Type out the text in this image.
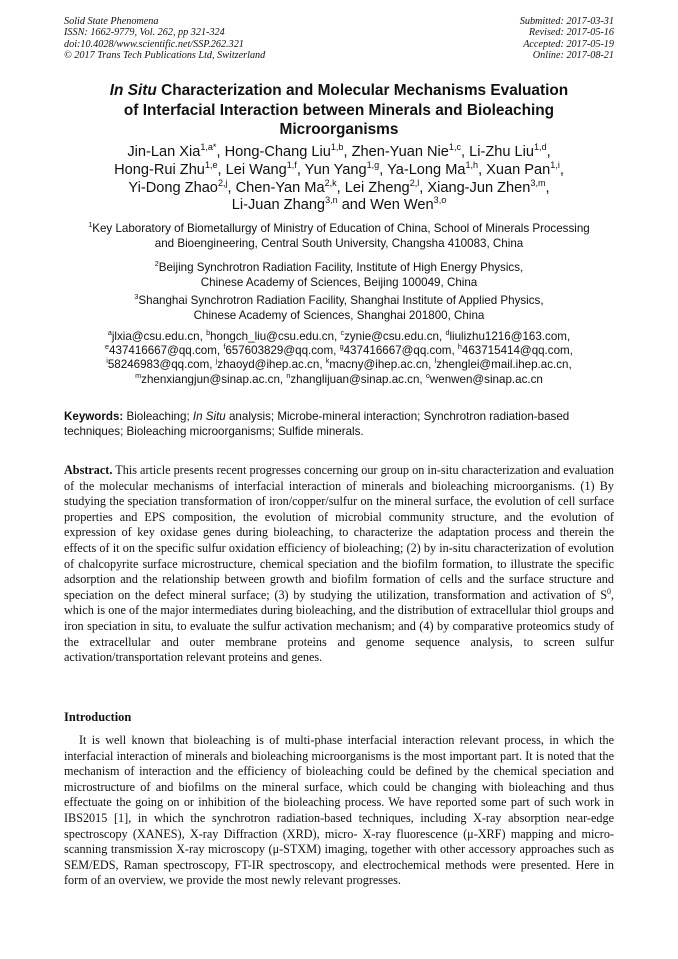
Solid State Phenomena
ISSN: 1662-9779, Vol. 262, pp 321-324
doi:10.4028/www.scientific.net/SSP.262.321
© 2017 Trans Tech Publications Ltd, Switzerland
Submitted: 2017-03-31
Revised: 2017-05-16
Accepted: 2017-05-19
Online: 2017-08-21
In Situ Characterization and Molecular Mechanisms Evaluation
of Interfacial Interaction between Minerals and Bioleaching
Microorganisms
Jin-Lan Xia$^{1,a*}$, Hong-Chang Liu$^{1,b}$, Zhen-Yuan Nie$^{1,c}$, Li-Zhu Liu$^{1,d}$,
Hong-Rui Zhu$^{1,e}$, Lei Wang$^{1,f}$, Yun Yang$^{1,g}$, Ya-Long Ma$^{1,h}$, Xuan Pan$^{1,i}$,
Yi-Dong Zhao$^{2,j}$, Chen-Yan Ma$^{2,k}$, Lei Zheng$^{2,l}$, Xiang-Jun Zhen$^{3,m}$,
Li-Juan Zhang$^{3,n}$ and Wen Wen$^{3,o}$
$^1$Key Laboratory of Biometallurgy of Ministry of Education of China, School of Minerals Processing
and Bioengineering, Central South University, Changsha 410083, China
$^2$Beijing Synchrotron Radiation Facility, Institute of High Energy Physics,
Chinese Academy of Sciences, Beijing 100049, China
$^3$Shanghai Synchrotron Radiation Facility, Shanghai Institute of Applied Physics,
Chinese Academy of Sciences, Shanghai 201800, China
$^a$jlxia@csu.edu.cn, $^b$hongch_liu@csu.edu.cn, $^c$zynie@csu.edu.cn, $^d$liulizhu1216@163.com,
$^e$437416667@qq.com, $^f$657603829@qq.com, $^g$437416667@qq.com, $^h$463715414@qq.com,
$^i$58246983@qq.com, $^j$zhaoyd@ihep.ac.cn, $^k$macny@ihep.ac.cn, $^l$zhenglei@mail.ihep.ac.cn,
$^m$zhenxiangjun@sinap.ac.cn, $^n$zhanglijuan@sinap.ac.cn, $^o$wenwen@sinap.ac.cn
Keywords: Bioleaching; In Situ analysis; Microbe-mineral interaction; Synchrotron radiation-based techniques; Bioleaching microorganisms; Sulfide minerals.
Abstract. This article presents recent progresses concerning our group on in-situ characterization and evaluation of the molecular mechanisms of interfacial interaction of minerals and bioleaching microorganisms. (1) By studying the speciation transformation of iron/copper/sulfur on the mineral surface, the evolution of cell surface properties and EPS composition, the evolution of microbial community structure, and the evolution of expression of key oxidase genes during bioleaching, to characterize the adaptation process and therein the effects of it on the specific sulfur oxidation efficiency of bioleaching; (2) by in-situ characterization of evolution of chalcopyrite surface microstructure, chemical speciation and the biofilm formation, to illustrate the specific adsorption and the relationship between growth and biofilm formation of cells and the surface structure and speciation on the defect mineral surface; (3) by studying the utilization, transformation and activation of $S^0$, which is one of the major intermediates during bioleaching, and the distribution of extracellular thiol groups and iron speciation in situ, to evaluate the sulfur activation mechanism; and (4) by comparative proteomics study of the extracellular and outer membrane proteins and genome sequence analysis, to screen sulfur activation/transportation relevant proteins and genes.
Introduction
It is well known that bioleaching is of multi-phase interfacial interaction relevant process, in which the interfacial interaction of minerals and bioleaching microorganisms is the most important part. It is noted that the mechanism of interaction and the efficiency of bioleaching could be defined by the chemical speciation and microstructure of and biofilms on the mineral surface, which could be changing with bioleaching and thus effectuate the going on or inhibition of the bioleaching process. We have reported some part of such work in IBS2015 [1], in which the synchrotron radiation-based techniques, including X-ray absorption near-edge spectroscopy (XANES), X-ray Diffraction (XRD), micro- X-ray fluorescence (μ-XRF) mapping and micro- scanning transmission X-ray microscopy (μ-STXM) imaging, together with other accessory approaches such as SEM/EDS, Raman spectroscopy, FT-IR spectroscopy, and electrochemical methods were presented. Here in form of an overview, we provide the most newly relevant progresses.
